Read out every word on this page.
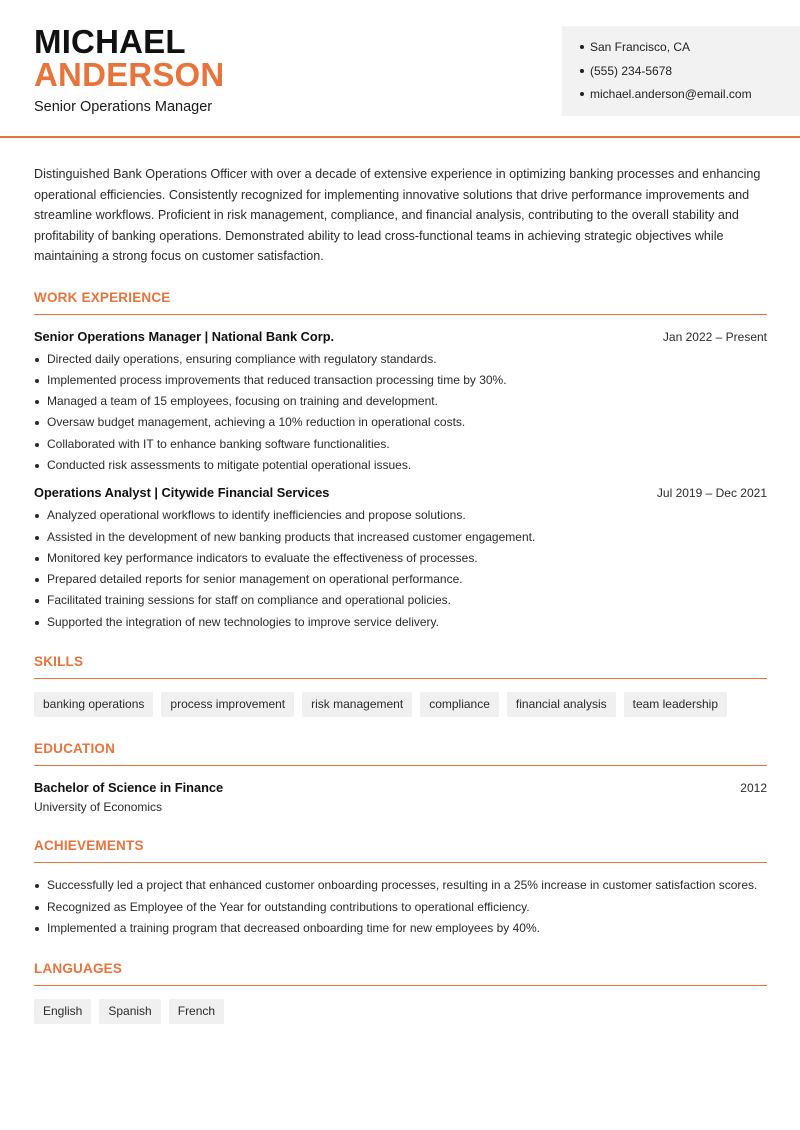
MICHAEL
ANDERSON
Senior Operations Manager
San Francisco, CA
(555) 234-5678
michael.anderson@email.com

Distinguished Bank Operations Officer with over a decade of extensive experience in optimizing banking processes and enhancing operational efficiencies. Consistently recognized for implementing innovative solutions that drive performance improvements and streamline workflows. Proficient in risk management, compliance, and financial analysis, contributing to the overall stability and profitability of banking operations. Demonstrated ability to lead cross-functional teams in achieving strategic objectives while maintaining a strong focus on customer satisfaction.

WORK EXPERIENCE
Senior Operations Manager | National Bank Corp.	Jan 2022 – Present
Directed daily operations, ensuring compliance with regulatory standards.
Implemented process improvements that reduced transaction processing time by 30%.
Managed a team of 15 employees, focusing on training and development.
Oversaw budget management, achieving a 10% reduction in operational costs.
Collaborated with IT to enhance banking software functionalities.
Conducted risk assessments to mitigate potential operational issues.
Operations Analyst | Citywide Financial Services	Jul 2019 – Dec 2021
Analyzed operational workflows to identify inefficiencies and propose solutions.
Assisted in the development of new banking products that increased customer engagement.
Monitored key performance indicators to evaluate the effectiveness of processes.
Prepared detailed reports for senior management on operational performance.
Facilitated training sessions for staff on compliance and operational policies.
Supported the integration of new technologies to improve service delivery.
SKILLS
banking operations	process improvement	risk management	compliance	financial analysis	team leadership
EDUCATION
Bachelor of Science in Finance	2012
University of Economics
ACHIEVEMENTS
Successfully led a project that enhanced customer onboarding processes, resulting in a 25% increase in customer satisfaction scores.
Recognized as Employee of the Year for outstanding contributions to operational efficiency.
Implemented a training program that decreased onboarding time for new employees by 40%.
LANGUAGES
English	Spanish	French
